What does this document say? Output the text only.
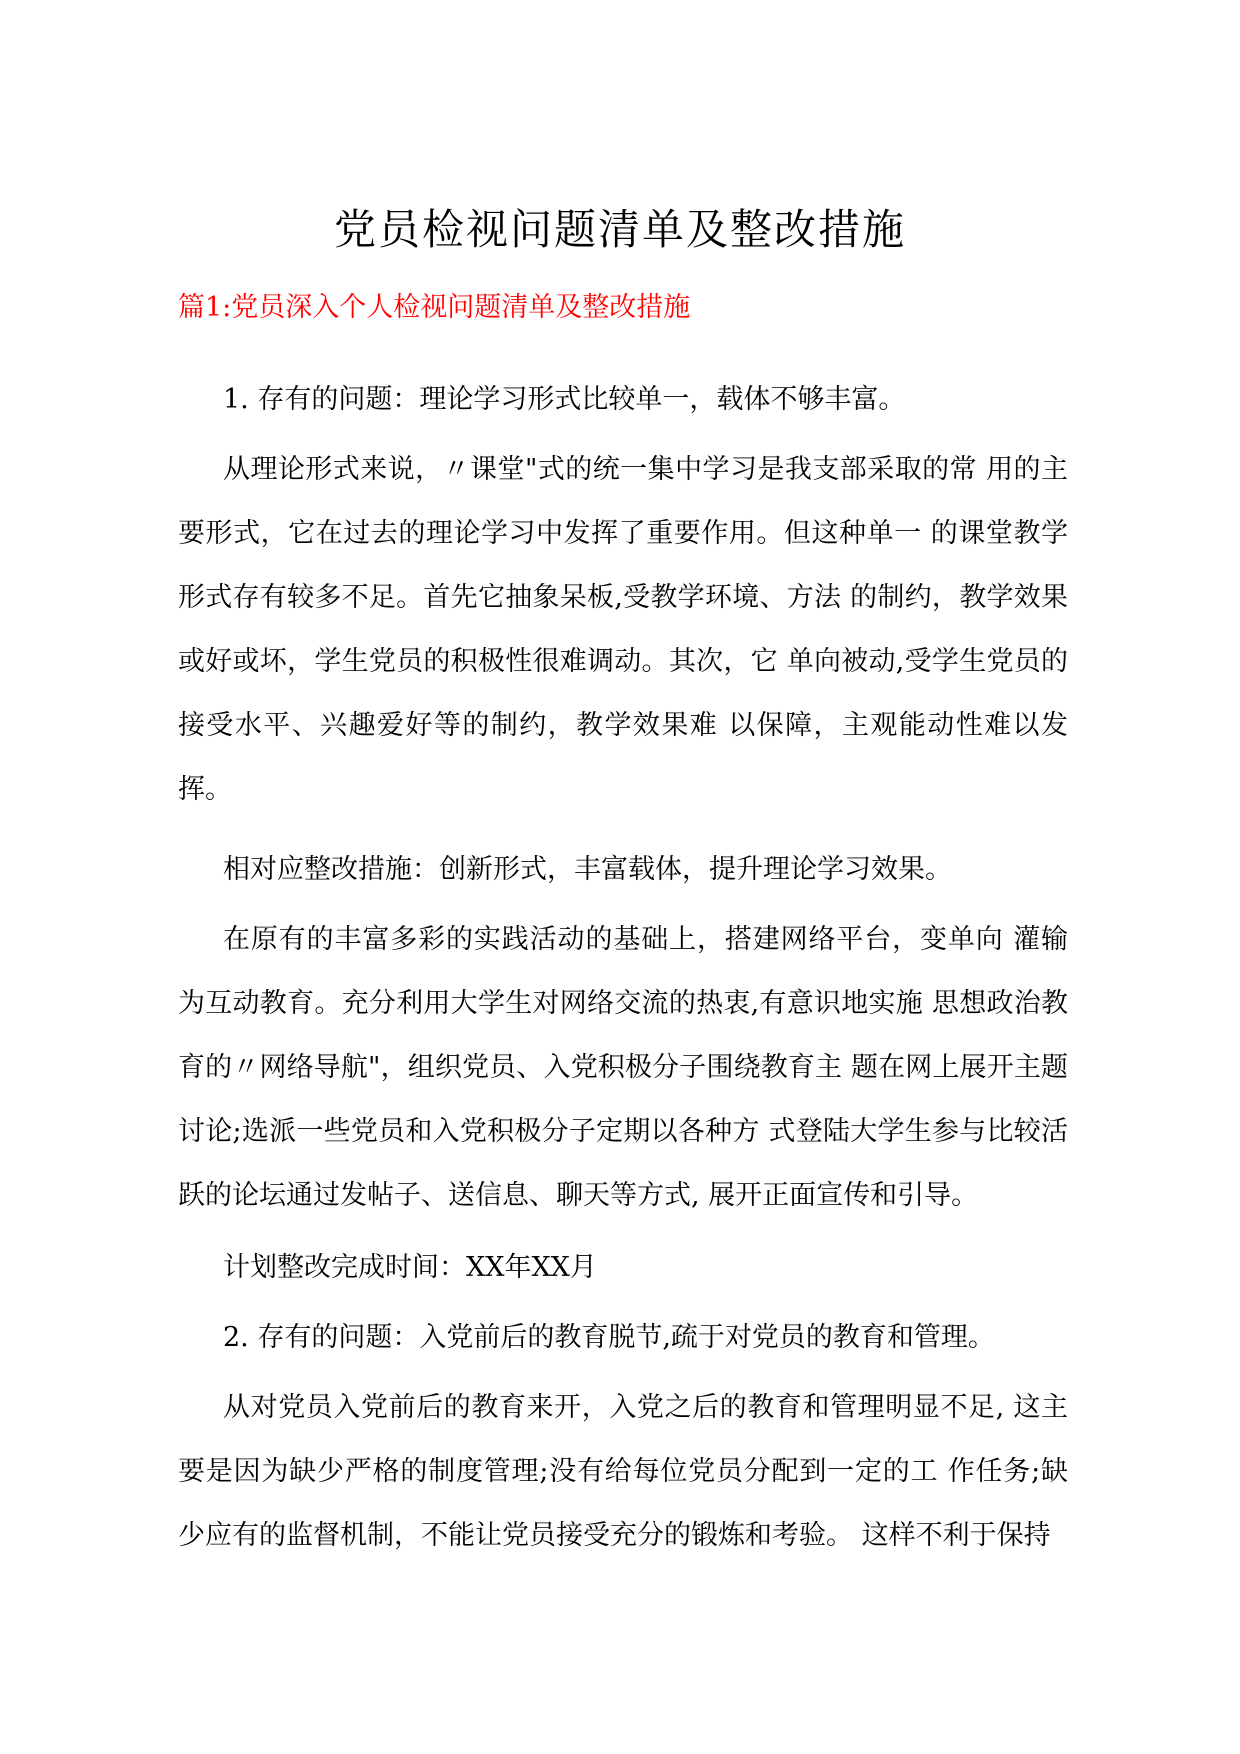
党员检视问题清单及整改措施
篇1:党员深入个人检视问题清单及整改措施

1. 存有的问题：理论学习形式比较单一，载体不够丰富。

从理论形式来说，〃课堂"式的统一集中学习是我支部采取的常 用的主要形式，它在过去的理论学习中发挥了重要作用。但这种单一 的课堂教学形式存有较多不足。首先它抽象呆板,受教学环境、方法 的制约，教学效果或好或坏，学生党员的积极性很难调动。其次，它 单向被动,受学生党员的接受水平、兴趣爱好等的制约，教学效果难 以保障，主观能动性难以发挥。

相对应整改措施：创新形式，丰富载体，提升理论学习效果。

在原有的丰富多彩的实践活动的基础上，搭建网络平台，变单向 灌输为互动教育。充分利用大学生对网络交流的热衷,有意识地实施 思想政治教育的〃网络导航"，组织党员、入党积极分子围绕教育主 题在网上展开主题讨论;选派一些党员和入党积极分子定期以各种方 式登陆大学生参与比较活跃的论坛通过发帖子、送信息、聊天等方式, 展开正面宣传和引导。

计划整改完成时间：XX年XX月

2. 存有的问题：入党前后的教育脱节,疏于对党员的教育和管理。

从对党员入党前后的教育来开，入党之后的教育和管理明显不足, 这主要是因为缺少严格的制度管理;没有给每位党员分配到一定的工 作任务;缺少应有的监督机制，不能让党员接受充分的锻炼和考验。 这样不利于保持
